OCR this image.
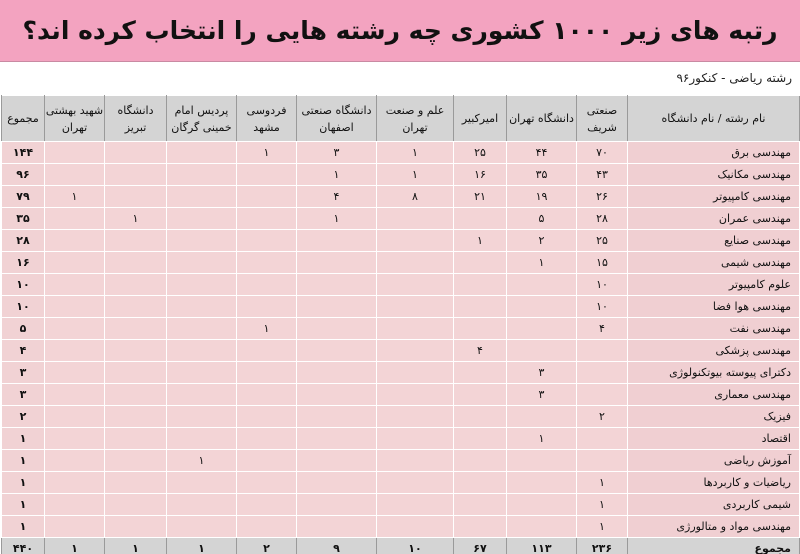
رتبه های زیر ۱۰۰۰ کشوری چه رشته هایی را انتخاب کرده اند؟
رشته ریاضی - کنکور۹۶
نام رشته / نام دانشگاه	صنعتی شریف	دانشگاه تهران	امیرکبیر	علم و صنعت تهران	دانشگاه صنعتی اصفهان	فردوسی مشهد	پردیس امام خمینی گرگان	دانشگاه تبریز	شهید بهشتی تهران	مجموع
مهندسی برق	۷۰	۴۴	۲۵	۱	۳	۱				۱۴۴
مهندسی مکانیک	۴۳	۳۵	۱۶	۱	۱					۹۶
مهندسی کامپیوتر	۲۶	۱۹	۲۱	۸	۴				۱	۷۹
مهندسی عمران	۲۸	۵			۱			۱		۳۵
مهندسی صنایع	۲۵	۲	۱							۲۸
مهندسی شیمی	۱۵	۱								۱۶
علوم کامپیوتر	۱۰									۱۰
مهندسی هوا فضا	۱۰									۱۰
مهندسی نفت	۴					۱				۵
مهندسی پزشکی			۴							۴
دکترای پیوسته بیوتکنولوژی		۳								۳
مهندسی معماری		۳								۳
فیزیک	۲									۲
اقتصاد		۱								۱
آموزش ریاضی							۱			۱
ریاضیات و کاربردها	۱									۱
شیمی کاربردی	۱									۱
مهندسی مواد و متالورژی	۱									۱
مجموع	۲۳۶	۱۱۳	۶۷	۱۰	۹	۲	۱	۱	۱	۴۴۰
